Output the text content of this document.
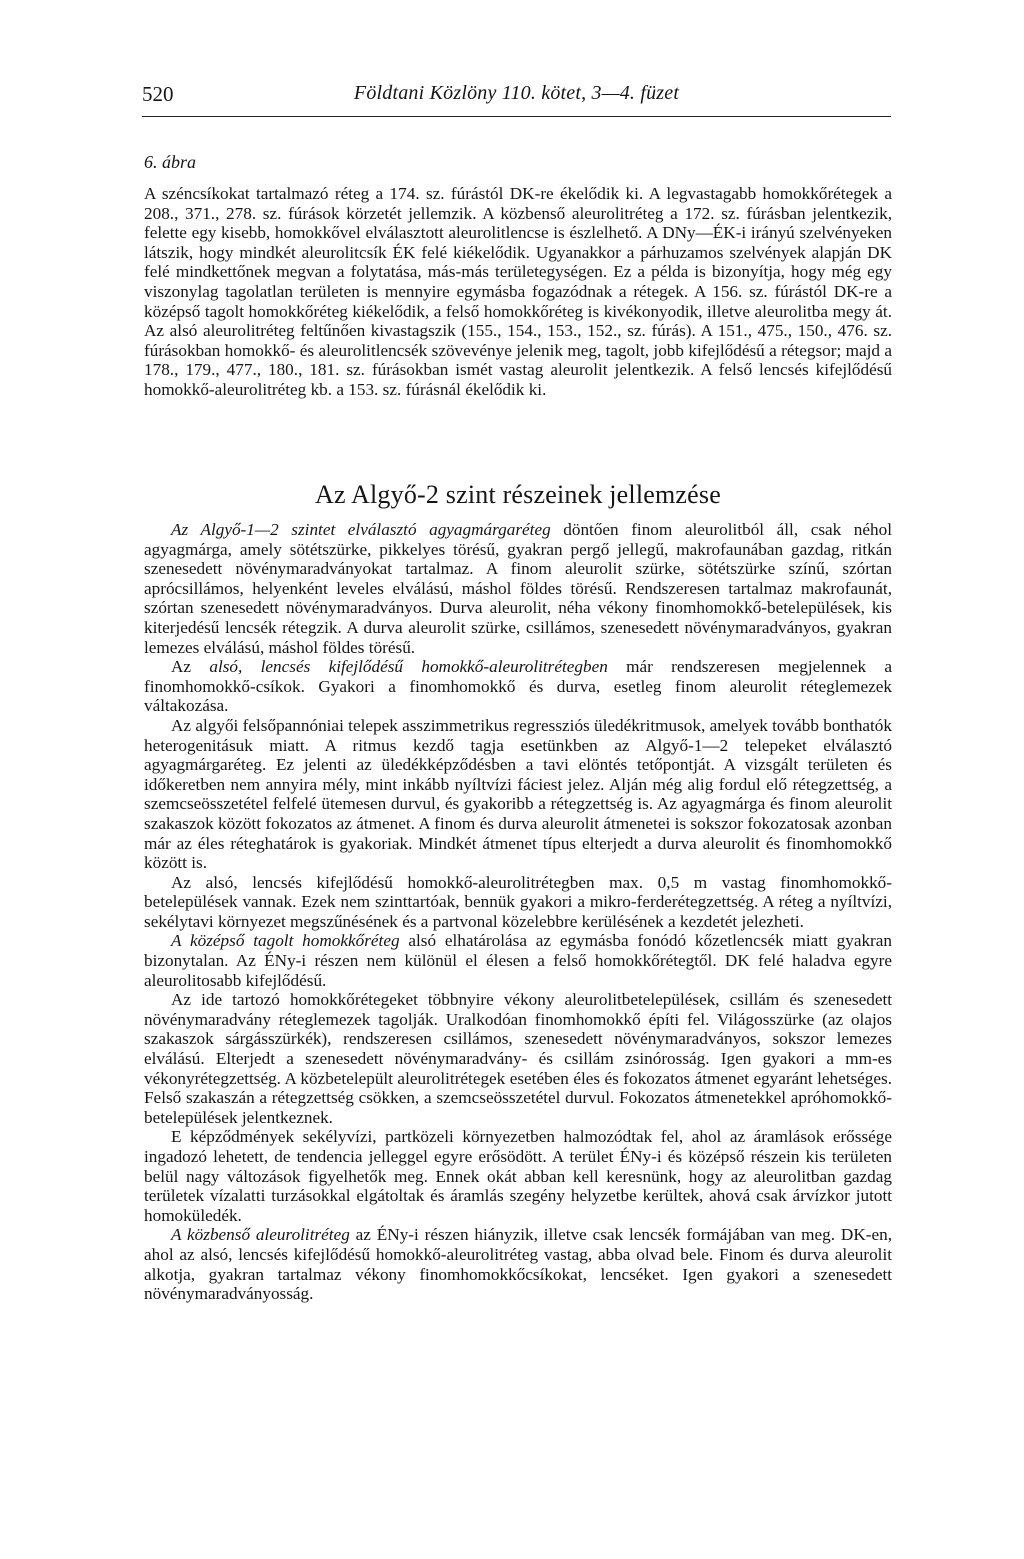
520	Földtani Közlöny 110. kötet, 3—4. füzet
6. ábra

A széncsíkokat tartalmazó réteg a 174. sz. fúrástól DK-re ékelődik ki. A legvastagabb homokkőrétegek a 208., 371., 278. sz. fúrások körzetét jellemzik. A közbenső aleurolitréteg a 172. sz. fúrásban jelentkezik, felette egy kisebb, homokkővel elválasztott aleurolitlencse is észlelhető. A DNy—ÉK-i irányú szelvényeken látszik, hogy mindkét aleurolitcsík ÉK felé kiékelődik. Ugyanakkor a párhuzamos szelvények alapján DK felé mindkettőnek megvan a folytatása, más-más területegységen. Ez a példa is bizonyítja, hogy még egy viszonylag tagolatlan területen is mennyire egymásba fogazódnak a rétegek. A 156. sz. fúrástól DK-re a középső tagolt homokkőréteg kiékelődik, a felső homokkőréteg is kivékonyodik, illetve aleurolitba megy át. Az alsó aleurolitréteg feltűnően kivastagszik (155., 154., 153., 152., sz. fúrás). A 151., 475., 150., 476. sz. fúrásokban homokkő- és aleurolitlencsék szövevénye jelenik meg, tagolt, jobb kifejlődésű a rétegsor; majd a 178., 179., 477., 180., 181. sz. fúrásokban ismét vastag aleurolit jelentkezik. A felső lencsés kifejlődésű homokkő-aleurolitréteg kb. a 153. sz. fúrásnál ékelődik ki.

Az Algyő-2 szint részeinek jellemzése

Az Algyő-1—2 szintet elválasztó agyagmárgaréteg döntően finom aleurolitból áll, csak néhol agyagmárga, amely sötétszürke, pikkelyes törésű, gyakran pergő jellegű, makrofaunában gazdag, ritkán szenesedett növénymaradványokat tartalmaz. A finom aleurolit szürke, sötétszürke színű, szórtan aprócsillámos, helyenként leveles elválású, máshol földes törésű. Rendszeresen tartalmaz makrofaunát, szórtan szenesedett növénymaradványos. Durva aleurolit, néha vékony finomhomokkő-betelepülések, kis kiterjedésű lencsék rétegzik. A durva aleurolit szürke, csillámos, szenesedett növénymaradványos, gyakran lemezes elválású, máshol földes törésű.

Az alsó, lencsés kifejlődésű homokkő-aleurolitrétegben már rendszeresen megjelennek a finomhomokkő-csíkok. Gyakori a finomhomokkő és durva, esetleg finom aleurolit réteglemezek váltakozása.

Az algyői felsőpannóniai telepek asszimmetrikus regressziós üledékritmusok, amelyek tovább bonthatók heterogenitásuk miatt. A ritmus kezdő tagja esetünkben az Algyő-1—2 telepeket elválasztó agyagmárgaréteg. Ez jelenti az üledékképződésben a tavi elöntés tetőpontját. A vizsgált területen és időkeretben nem annyira mély, mint inkább nyíltvízi fáciest jelez. Alján még alig fordul elő rétegzettség, a szemcseösszetétel felfelé ütemesen durvul, és gyakoribb a rétegzettség is. Az agyagmárga és finom aleurolit szakaszok között fokozatos az átmenet. A finom és durva aleurolit átmenetei is sokszor fokozatosak azonban már az éles réteghatárok is gyakoriak. Mindkét átmenet típus elterjedt a durva aleurolit és finomhomokkő között is.

Az alsó, lencsés kifejlődésű homokkő-aleurolitrétegben max. 0,5 m vastag finomhomokkő-betelepülések vannak. Ezek nem szinttartóak, bennük gyakori a mikro-ferderétegzettség. A réteg a nyíltvízi, sekélytavi környezet megszűnésének és a partvonal közelebbre kerülésének a kezdetét jelezheti.

A középső tagolt homokkőréteg alsó elhatárolása az egymásba fonódó kőzetlencsék miatt gyakran bizonytalan. Az ÉNy-i részen nem különül el élesen a felső homokkőrétegtől. DK felé haladva egyre aleurolitosabb kifejlődésű.

Az ide tartozó homokkőrétegeket többnyire vékony aleurolitbetelepülések, csillám és szenesedett növénymaradvány réteglemezek tagolják. Uralkodóan finomhomokkő építi fel. Világosszürke (az olajos szakaszok sárgásszürkék), rendszeresen csillámos, szenesedett növénymaradványos, sokszor lemezes elválású. Elterjedt a szenesedett növénymaradvány- és csillám zsinórosság. Igen gyakori a mm-es vékonyrétegzettség. A közbetelepült aleurolitrétegek esetében éles és fokozatos átmenet egyaránt lehetséges. Felső szakaszán a rétegzettség csökken, a szemcseösszetétel durvul. Fokozatos átmenetekkel apróhomokkő-betelepülések jelentkeznek.

E képződmények sekélyvízi, partközeli környezetben halmozódtak fel, ahol az áramlások erőssége ingadozó lehetett, de tendencia jelleggel egyre erősödött. A terület ÉNy-i és középső részein kis területen belül nagy változások figyelhetők meg. Ennek okát abban kell keresnünk, hogy az aleurolitban gazdag területek vízalatti turzásokkal elgátoltak és áramlás szegény helyzetbe kerültek, ahová csak árvízkor jutott homoküledék.

A közbenső aleurolitréteg az ÉNy-i részen hiányzik, illetve csak lencsék formájában van meg. DK-en, ahol az alsó, lencsés kifejlődésű homokkő-aleurolitréteg vastag, abba olvad bele. Finom és durva aleurolit alkotja, gyakran tartalmaz vékony finomhomokkőcsíkokat, lencséket. Igen gyakori a szenesedett növénymaradványosság.
